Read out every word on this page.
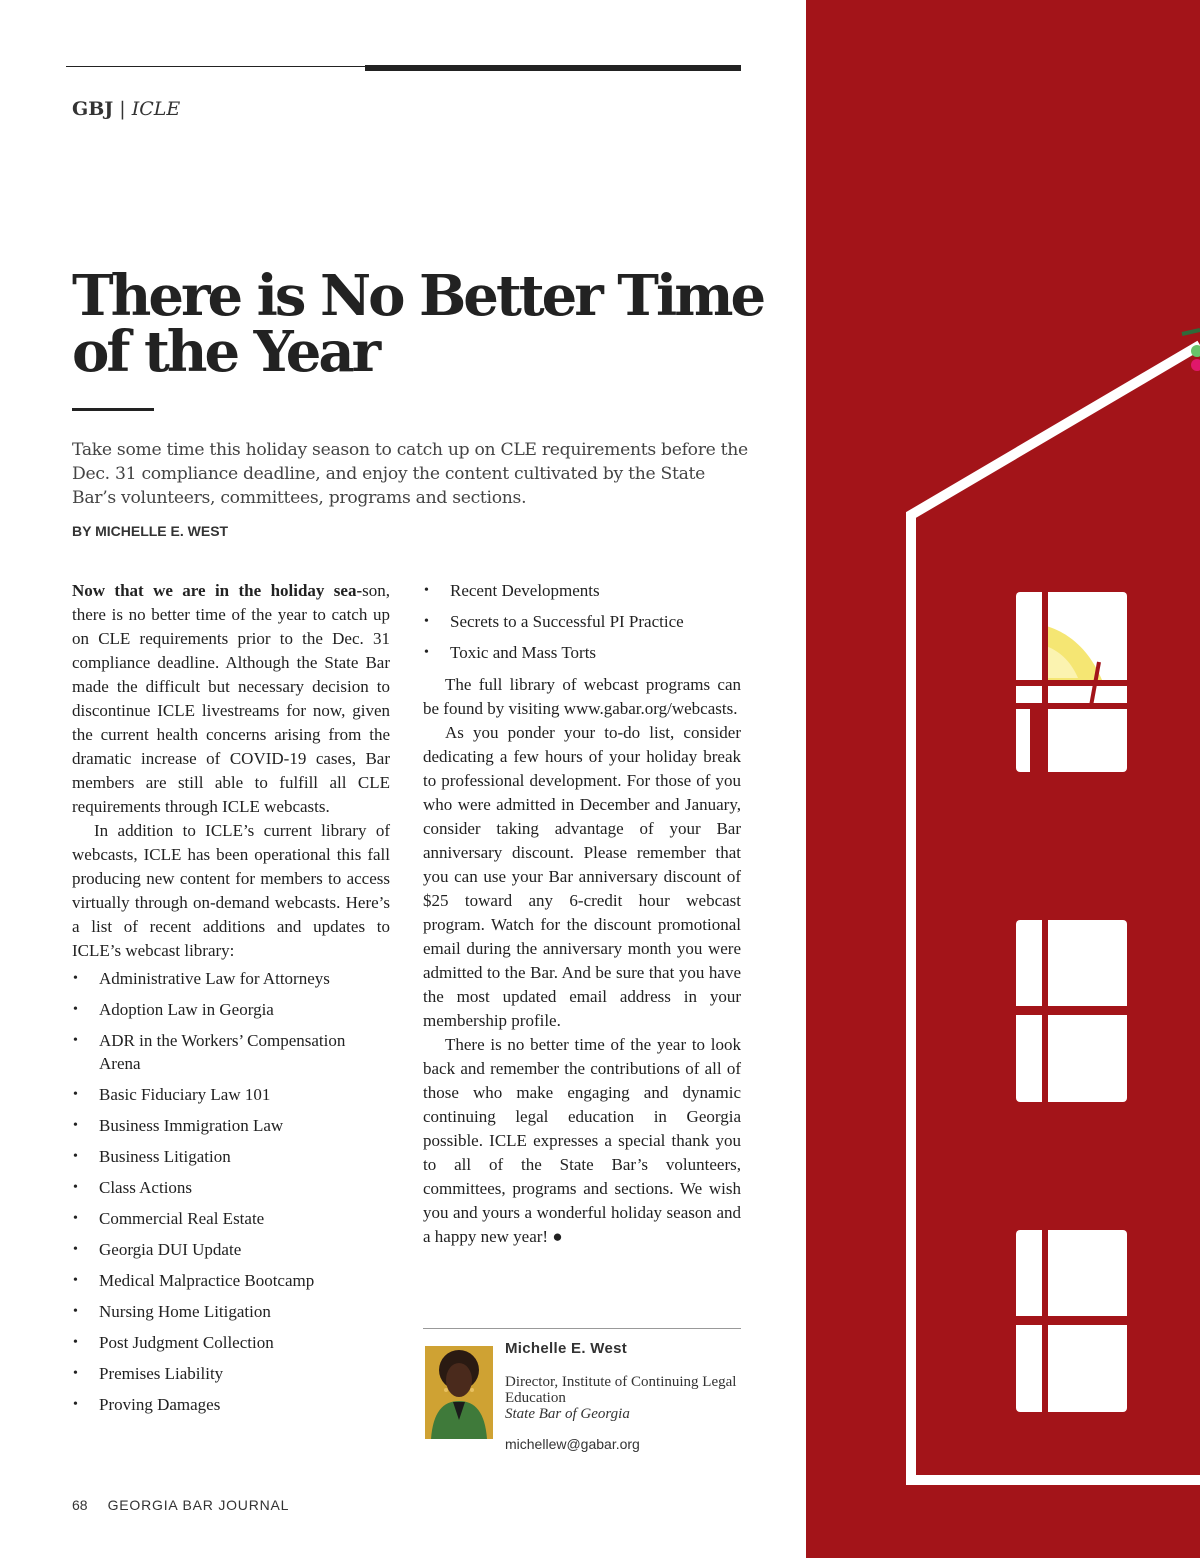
GBJ | ICLE
There is No Better Time of the Year

Take some time this holiday season to catch up on CLE requirements before the Dec. 31 compliance deadline, and enjoy the content cultivated by the State Bar’s volunteers, committees, programs and sections.

BY MICHELLE E. WEST

Now that we are in the holiday sea-son, there is no better time of the year to catch up on CLE requirements prior to the Dec. 31 compliance deadline. Although the State Bar made the difficult but necessary decision to discontinue ICLE livestreams for now, given the current health concerns arising from the dramatic increase of COVID-19 cases, Bar members are still able to fulfill all CLE requirements through ICLE webcasts.

In addition to ICLE’s current library of webcasts, ICLE has been operational this fall producing new content for members to access virtually through on-demand webcasts. Here’s a list of recent additions and updates to ICLE’s webcast library:

• Administrative Law for Attorneys
• Adoption Law in Georgia
• ADR in the Workers’ Compensation Arena
• Basic Fiduciary Law 101
• Business Immigration Law
• Business Litigation
• Class Actions
• Commercial Real Estate
• Georgia DUI Update
• Medical Malpractice Bootcamp
• Nursing Home Litigation
• Post Judgment Collection
• Premises Liability
• Proving Damages
• Recent Developments
• Secrets to a Successful PI Practice
• Toxic and Mass Torts

The full library of webcast programs can be found by visiting www.gabar.org/webcasts.

As you ponder your to-do list, consider dedicating a few hours of your holiday break to professional development. For those of you who were admitted in December and January, consider taking advantage of your Bar anniversary discount. Please remember that you can use your Bar anniversary discount of $25 toward any 6-credit hour webcast program. Watch for the discount promotional email during the anniversary month you were admitted to the Bar. And be sure that you have the most updated email address in your membership profile.

There is no better time of the year to look back and remember the contributions of all of those who make engaging and dynamic continuing legal education in Georgia possible. ICLE expresses a special thank you to all of the State Bar’s volunteers, committees, programs and sections. We wish you and yours a wonderful holiday season and a happy new year! ●

Michelle E. West
Director, Institute of Continuing Legal Education
State Bar of Georgia
michellew@gabar.org
68 GEORGIA BAR JOURNAL
